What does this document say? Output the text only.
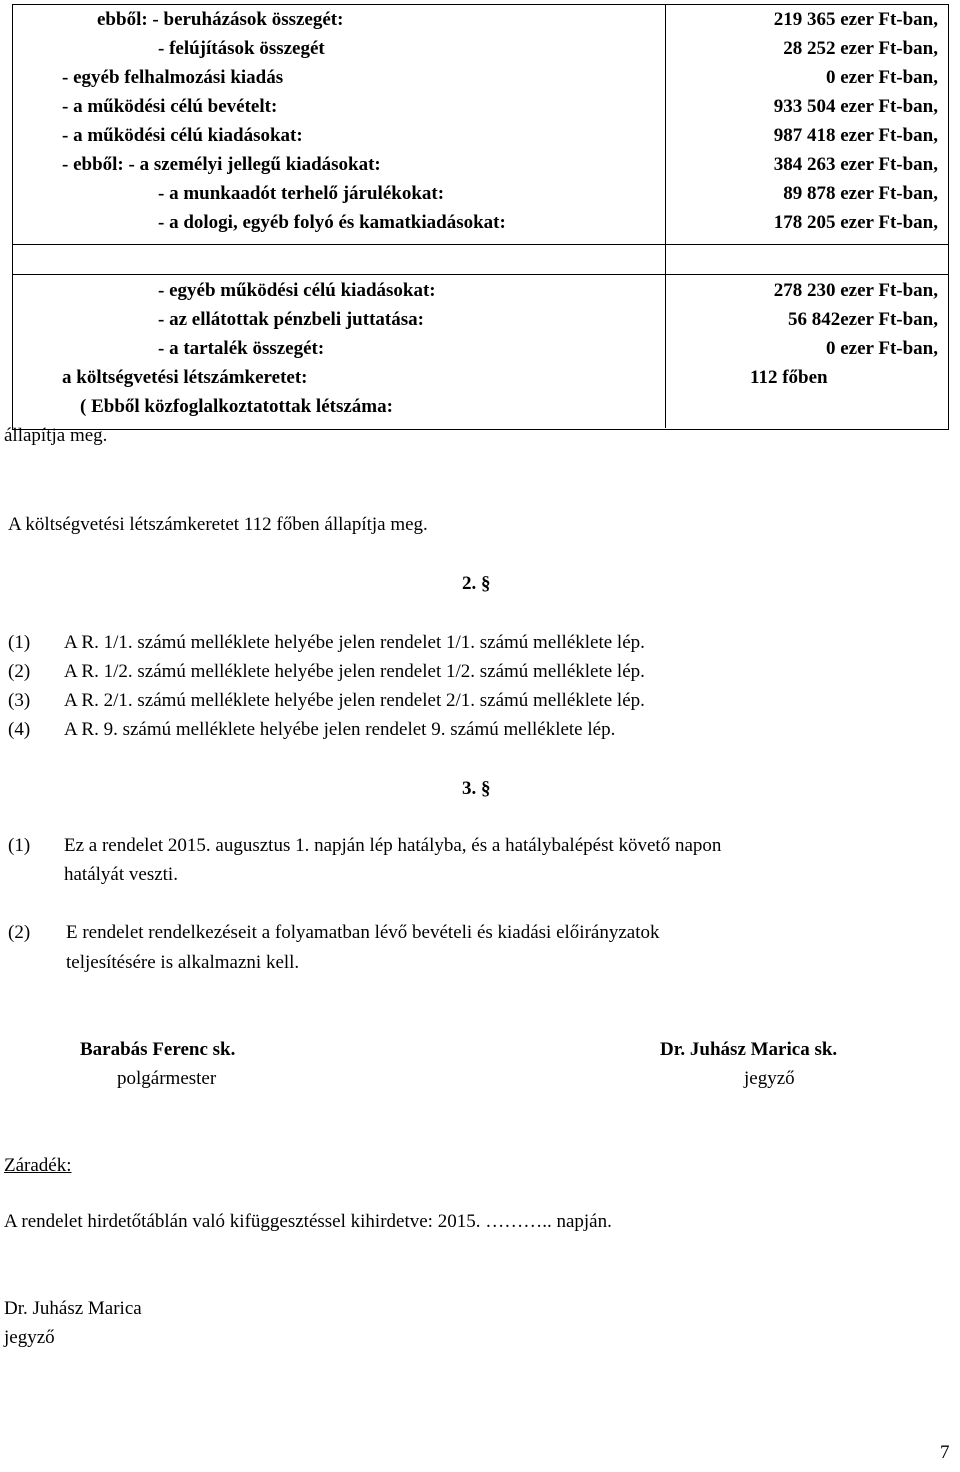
ebből: - beruházások összegét:	219 365 ezer Ft-ban,
- felújítások összegét	28 252 ezer Ft-ban,
- egyéb felhalmozási kiadás	0 ezer Ft-ban,
- a működési célú bevételt:	933 504 ezer Ft-ban,
- a működési célú kiadásokat:	987 418 ezer Ft-ban,
- ebből: - a személyi jellegű kiadásokat:	384 263 ezer Ft-ban,
- a munkaadót terhelő járulékokat:	89 878 ezer Ft-ban,
- a dologi, egyéb folyó és kamatkiadásokat:	178 205 ezer Ft-ban,
- egyéb működési célú kiadásokat:	278 230 ezer Ft-ban,
- az ellátottak pénzbeli juttatása:	56 842ezer Ft-ban,
- a tartalék összegét:	0 ezer Ft-ban,
a költségvetési létszámkeretet:	112 főben
( Ebből közfoglalkoztatottak létszáma:
állapítja meg.
A költségvetési létszámkeretet 112 főben állapítja meg.
2. §
(1) A R. 1/1. számú melléklete helyébe jelen rendelet 1/1. számú melléklete lép.
(2) A R. 1/2. számú melléklete helyébe jelen rendelet 1/2. számú melléklete lép.
(3) A R. 2/1. számú melléklete helyébe jelen rendelet 2/1. számú melléklete lép.
(4) A R. 9. számú melléklete helyébe jelen rendelet 9. számú melléklete lép.
3. §
(1) Ez a rendelet 2015. augusztus 1. napján lép hatályba, és a hatálybalépést követő napon
hatályát veszti.
(2) E rendelet rendelkezéseit a folyamatban lévő bevételi és kiadási előirányzatok
teljesítésére is alkalmazni kell.
Barabás Ferenc sk.
polgármester
Dr. Juhász Marica sk.
jegyző
Záradék:
A rendelet hirdetőtáblán való kifüggesztéssel kihirdetve: 2015. ……….. napján.
Dr. Juhász Marica
jegyző
7
